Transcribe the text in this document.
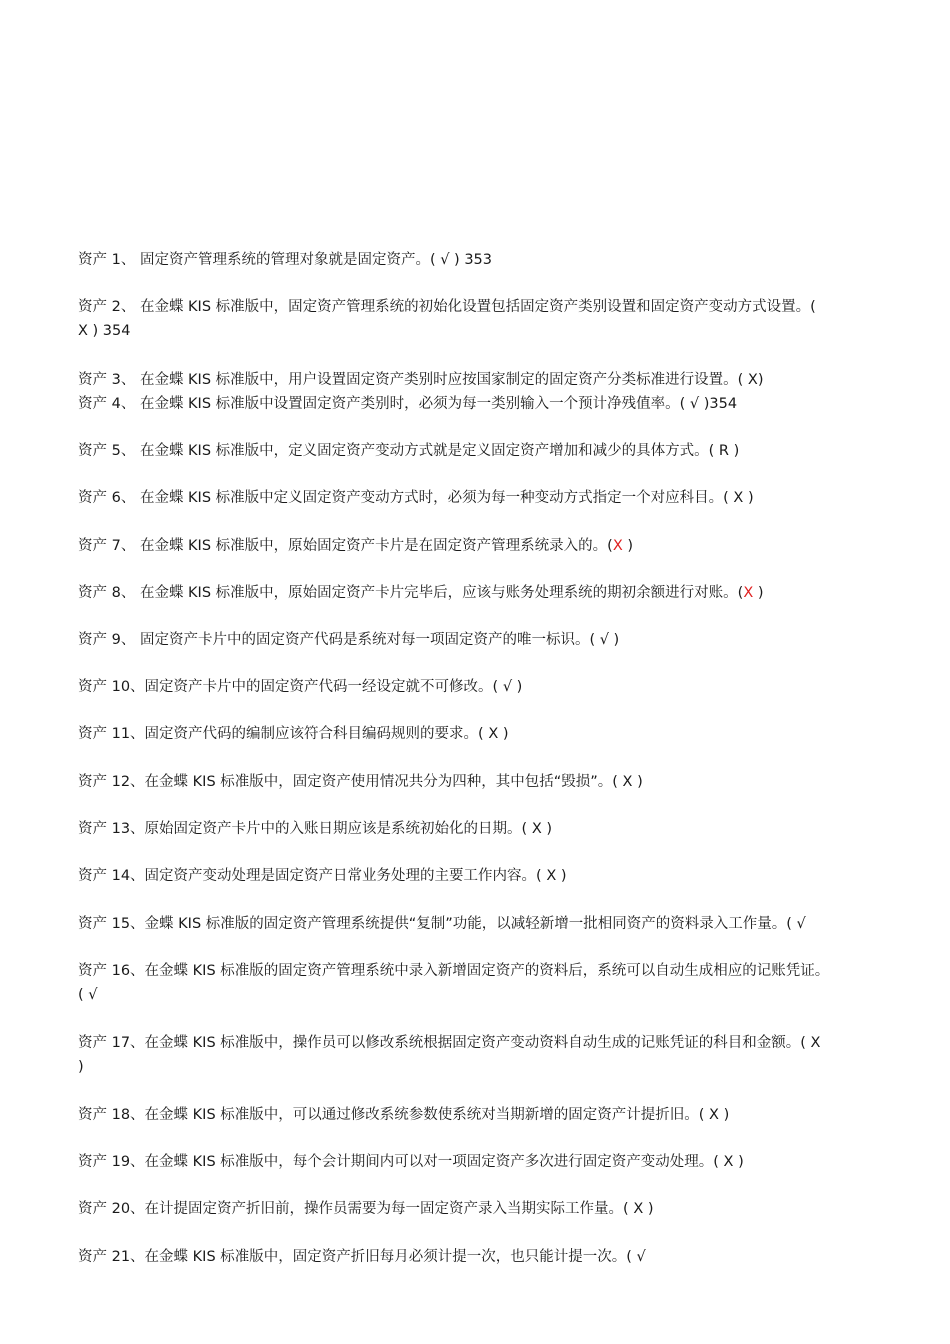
资产 1、 固定资产管理系统的管理对象就是固定资产。( √ ) 353
资产 2、 在金蝶 KIS 标准版中，固定资产管理系统的初始化设置包括固定资产类别设置和固定资产变动方式设置。(
X ) 354
资产 3、 在金蝶 KIS 标准版中，用户设置固定资产类别时应按国家制定的固定资产分类标准进行设置。( X)
资产 4、 在金蝶 KIS 标准版中设置固定资产类别时，必须为每一类别输入一个预计净残值率。( √ )354
资产 5、 在金蝶 KIS 标准版中，定义固定资产变动方式就是定义固定资产增加和减少的具体方式。( R )
资产 6、 在金蝶 KIS 标准版中定义固定资产变动方式时，必须为每一种变动方式指定一个对应科目。( X )
资产 7、 在金蝶 KIS 标准版中，原始固定资产卡片是在固定资产管理系统录入的。(X )
资产 8、 在金蝶 KIS 标准版中，原始固定资产卡片完毕后，应该与账务处理系统的期初余额进行对账。(X )
资产 9、 固定资产卡片中的固定资产代码是系统对每一项固定资产的唯一标识。( √ )
资产 10、固定资产卡片中的固定资产代码一经设定就不可修改。( √ )
资产 11、固定资产代码的编制应该符合科目编码规则的要求。( X )
资产 12、在金蝶 KIS 标准版中，固定资产使用情况共分为四种，其中包括“毁损”。( X )
资产 13、原始固定资产卡片中的入账日期应该是系统初始化的日期。( X )
资产 14、固定资产变动处理是固定资产日常业务处理的主要工作内容。( X )
资产 15、金蝶 KIS 标准版的固定资产管理系统提供“复制”功能，以减轻新增一批相同资产的资料录入工作量。( √
资产 16、在金蝶 KIS 标准版的固定资产管理系统中录入新增固定资产的资料后，系统可以自动生成相应的记账凭证。
( √
资产 17、在金蝶 KIS 标准版中，操作员可以修改系统根据固定资产变动资料自动生成的记账凭证的科目和金额。( X
)
资产 18、在金蝶 KIS 标准版中，可以通过修改系统参数使系统对当期新增的固定资产计提折旧。( X )
资产 19、在金蝶 KIS 标准版中，每个会计期间内可以对一项固定资产多次进行固定资产变动处理。( X )
资产 20、在计提固定资产折旧前，操作员需要为每一固定资产录入当期实际工作量。( X )
资产 21、在金蝶 KIS 标准版中，固定资产折旧每月必须计提一次，也只能计提一次。( √
